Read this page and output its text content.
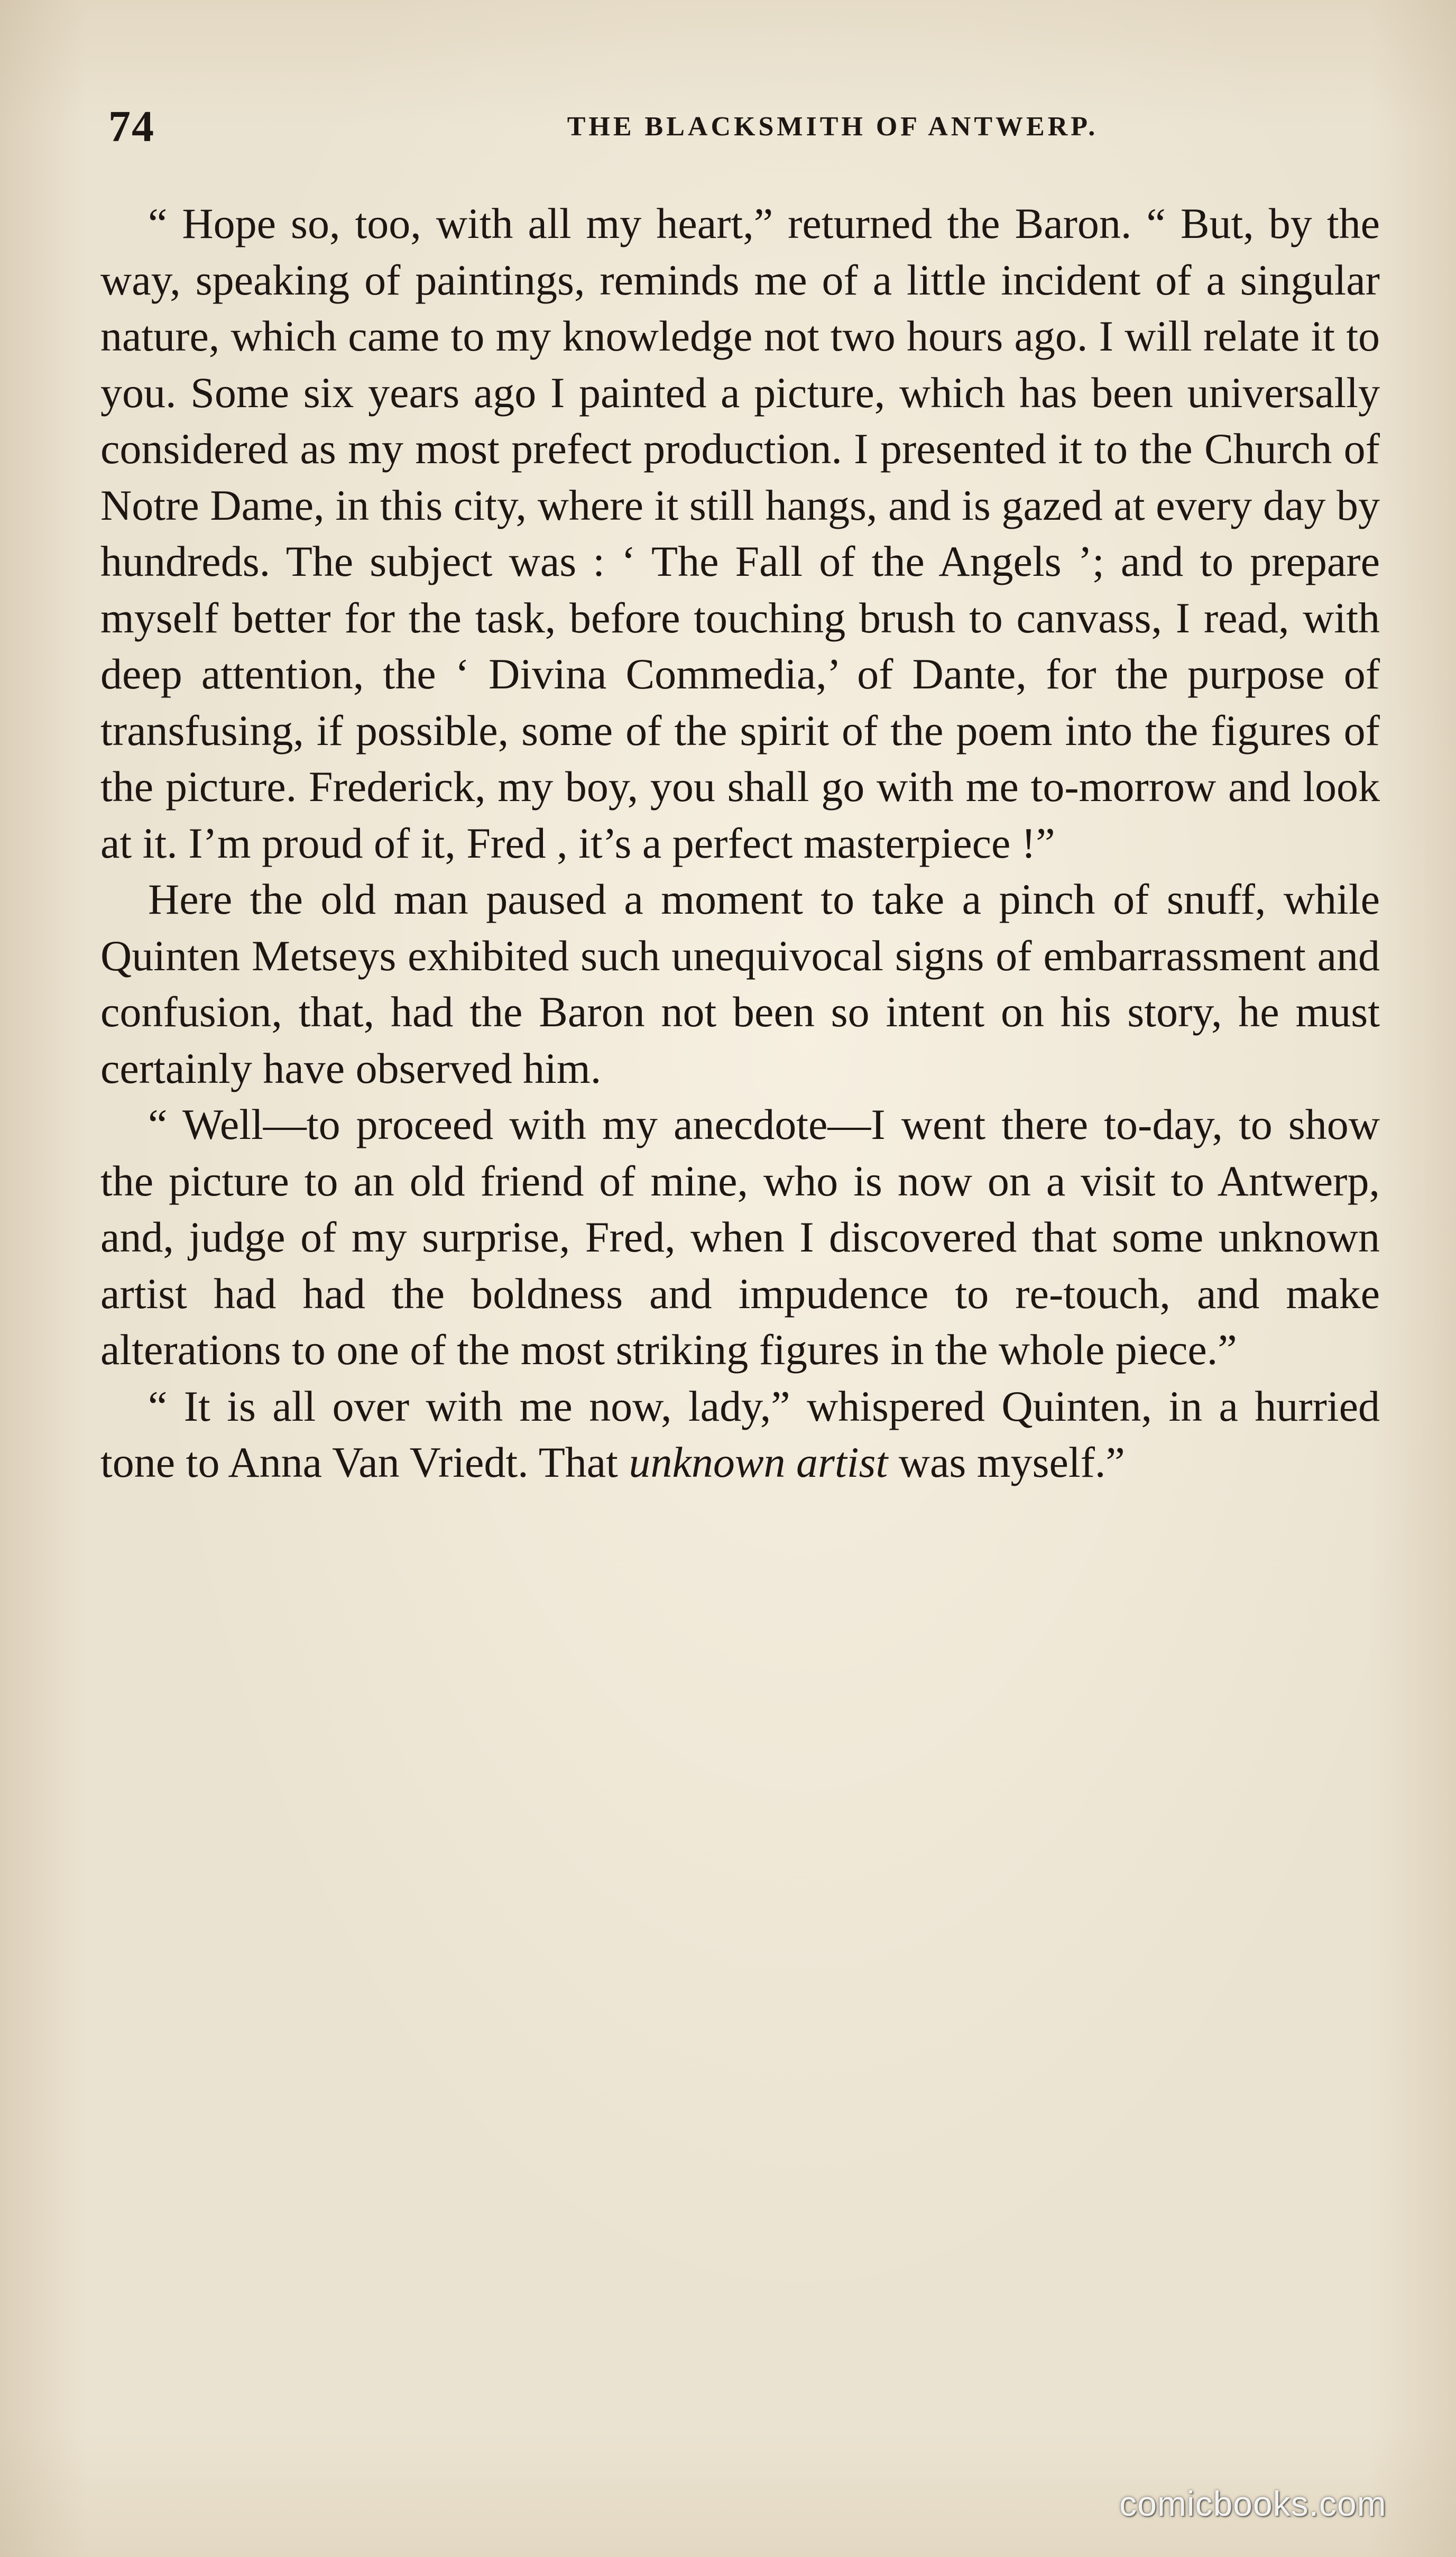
74	THE BLACKSMITH OF ANTWERP.

“ Hope so, too, with all my heart,” returned the Baron. “ But, by the way, speaking of paintings, reminds me of a little incident of a singular nature, which came to my knowledge not two hours ago. I will relate it to you. Some six years ago I painted a picture, which has been universally considered as my most prefect production. I presented it to the Church of Notre Dame, in this city, where it still hangs, and is gazed at every day by hundreds. The subject was : ‘ The Fall of the Angels ’; and to prepare myself better for the task, before touching brush to canvass, I read, with deep attention, the ‘ Divina Commedia,’ of Dante, for the purpose of transfusing, if possible, some of the spirit of the poem into the figures of the picture. Frederick, my boy, you shall go with me to-morrow and look at it. I’m proud of it, Fred , it’s a perfect masterpiece !”

Here the old man paused a moment to take a pinch of snuff, while Quinten Metseys exhibited such unequivocal signs of embarrassment and confusion, that, had the Baron not been so intent on his story, he must certainly have observed him.

“ Well—to proceed with my anecdote—I went there to-day, to show the picture to an old friend of mine, who is now on a visit to Antwerp, and, judge of my surprise, Fred, when I discovered that some unknown artist had had the boldness and impudence to re-touch, and make alterations to one of the most striking figures in the whole piece.”

“ It is all over with me now, lady,” whispered Quinten, in a hurried tone to Anna Van Vriedt. That unknown artist was myself.”

comicbooks.com
